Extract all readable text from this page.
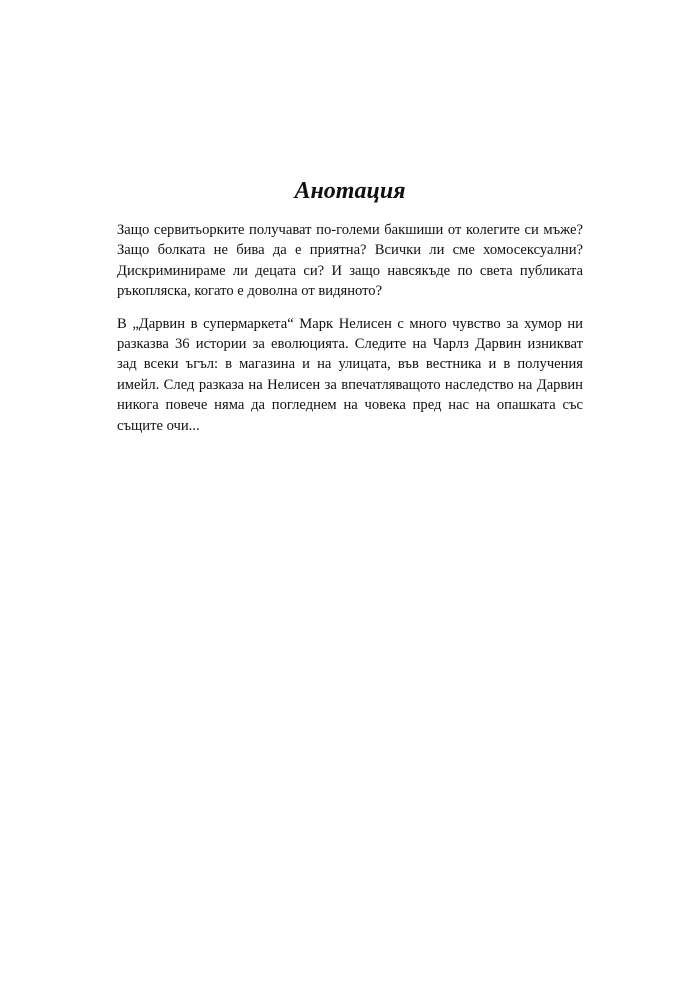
Анотация

Защо сервитьорките получават по-големи бакшиши от колегите си мъже? Защо болката не бива да е приятна? Всички ли сме хомосексуални? Дискриминираме ли децата си? И защо навсякъде по света публиката ръкопляска, когато е доволна от видяното?

В „Дарвин в супермаркета“ Марк Нелисен с много чувство за хумор ни разказва 36 истории за еволюцията. Следите на Чарлз Дарвин изникват зад всеки ъгъл: в магазина и на улицата, във вестника и в получения имейл. След разказа на Нелисен за впечатляващото наследство на Дарвин никога повече няма да погледнем на човека пред нас на опашката със същите очи...
